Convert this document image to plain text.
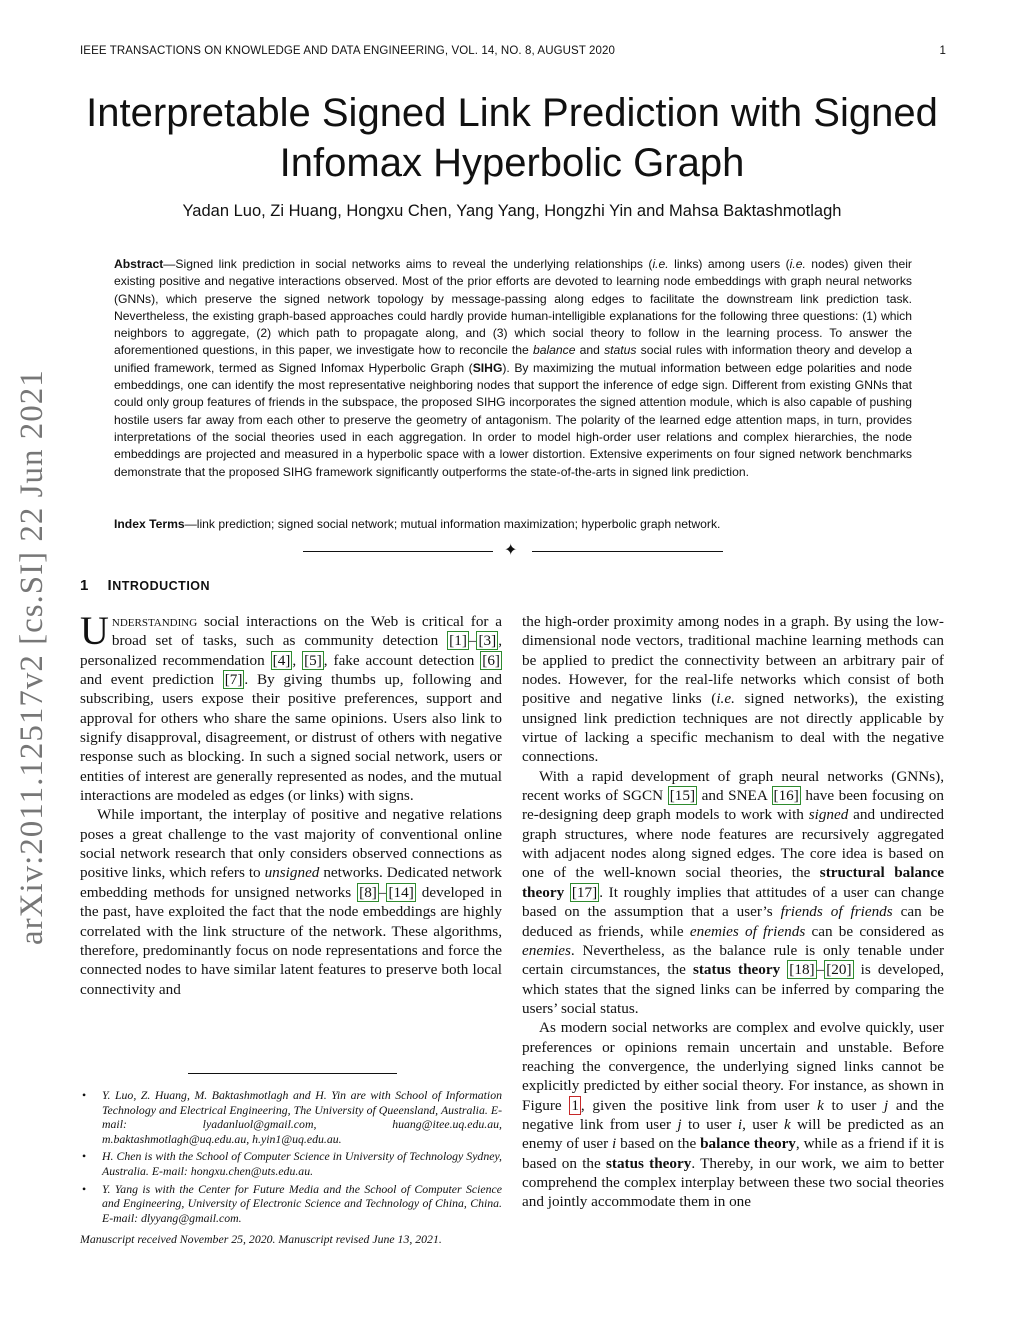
IEEE TRANSACTIONS ON KNOWLEDGE AND DATA ENGINEERING, VOL. 14, NO. 8, AUGUST 2020	1
Interpretable Signed Link Prediction with Signed
Infomax Hyperbolic Graph
Yadan Luo, Zi Huang, Hongxu Chen, Yang Yang, Hongzhi Yin and Mahsa Baktashmotlagh
Abstract—Signed link prediction in social networks aims to reveal the underlying relationships (i.e. links) among users (i.e. nodes) given their existing positive and negative interactions observed. Most of the prior efforts are devoted to learning node embeddings with graph neural networks (GNNs), which preserve the signed network topology by message-passing along edges to facilitate the downstream link prediction task. Nevertheless, the existing graph-based approaches could hardly provide human-intelligible explanations for the following three questions: (1) which neighbors to aggregate, (2) which path to propagate along, and (3) which social theory to follow in the learning process. To answer the aforementioned questions, in this paper, we investigate how to reconcile the balance and status social rules with information theory and develop a unified framework, termed as Signed Infomax Hyperbolic Graph (SIHG). By maximizing the mutual information between edge polarities and node embeddings, one can identify the most representative neighboring nodes that support the inference of edge sign. Different from existing GNNs that could only group features of friends in the subspace, the proposed SIHG incorporates the signed attention module, which is also capable of pushing hostile users far away from each other to preserve the geometry of antagonism. The polarity of the learned edge attention maps, in turn, provides interpretations of the social theories used in each aggregation. In order to model high-order user relations and complex hierarchies, the node embeddings are projected and measured in a hyperbolic space with a lower distortion. Extensive experiments on four signed network benchmarks demonstrate that the proposed SIHG framework significantly outperforms the state-of-the-arts in signed link prediction.
Index Terms—link prediction; signed social network; mutual information maximization; hyperbolic graph network.
✦
arXiv:2011.12517v2 [cs.SI] 22 Jun 2021 1 INTRODUCTION

Understanding social interactions on the Web is critical for a broad set of tasks, such as community detection [1] – [3] , personalized recommendation [4] , [5] , fake account detection [6] and event prediction [7] . By giving thumbs up, following and subscribing, users expose their positive preferences, support and approval for others who share the same opinions. Users also link to signify disapproval, disagreement, or distrust of others with negative response such as blocking. In such a signed social network, users or entities of interest are generally represented as nodes, and the mutual interactions are modeled as edges (or links) with signs.

While important, the interplay of positive and negative relations poses a great challenge to the vast majority of conventional online social network research that only considers observed connections as positive links, which refers to unsigned networks. Dedicated network embedding methods for unsigned networks [8] – [14] developed in the past, have exploited the fact that the node embeddings are highly correlated with the link structure of the network. These algorithms, therefore, predominantly focus on node representations and force the connected nodes to have similar latent features to preserve both local connectivity and

• Y. Luo, Z. Huang, M. Baktashmotlagh and H. Yin are with School of Information Technology and Electrical Engineering, The University of Queensland, Australia. E-mail: lyadanluol@gmail.com, huang@itee.uq.edu.au, m.baktashmotlagh@uq.edu.au, h.yin1@uq.edu.au.
• H. Chen is with the School of Computer Science in University of Technology Sydney, Australia. E-mail: hongxu.chen@uts.edu.au.
• Y. Yang is with the Center for Future Media and the School of Computer Science and Engineering, University of Electronic Science and Technology of China, China. E-mail: dlyyang@gmail.com.
Manuscript received November 25, 2020. Manuscript revised June 13, 2021.

the high-order proximity among nodes in a graph. By using the low-dimensional node vectors, traditional machine learning methods can be applied to predict the connectivity between an arbitrary pair of nodes. However, for the real-life networks which consist of both positive and negative links (i.e. signed networks), the existing unsigned link prediction techniques are not directly applicable by virtue of lacking a specific mechanism to deal with the negative connections.

With a rapid development of graph neural networks (GNNs), recent works of SGCN [15] and SNEA [16] have been focusing on re-designing deep graph models to work with signed and undirected graph structures, where node features are recursively aggregated with adjacent nodes along signed edges. The core idea is based on one of the well-known social theories, the structural balance theory [17] . It roughly implies that attitudes of a user can change based on the assumption that a user’s friends of friends can be deduced as friends, while enemies of friends can be considered as enemies. Nevertheless, as the balance rule is only tenable under certain circumstances, the status theory [18] – [20] is developed, which states that the signed links can be inferred by comparing the users’ social status.

As modern social networks are complex and evolve quickly, user preferences or opinions remain uncertain and unstable. Before reaching the convergence, the underlying signed links cannot be explicitly predicted by either social theory. For instance, as shown in Figure 1 , given the positive link from user k to user j and the negative link from user j to user i, user k will be predicted as an enemy of user i based on the balance theory, while as a friend if it is based on the status theory. Thereby, in our work, we aim to better comprehend the complex interplay between these two social theories and jointly accommodate them in one
